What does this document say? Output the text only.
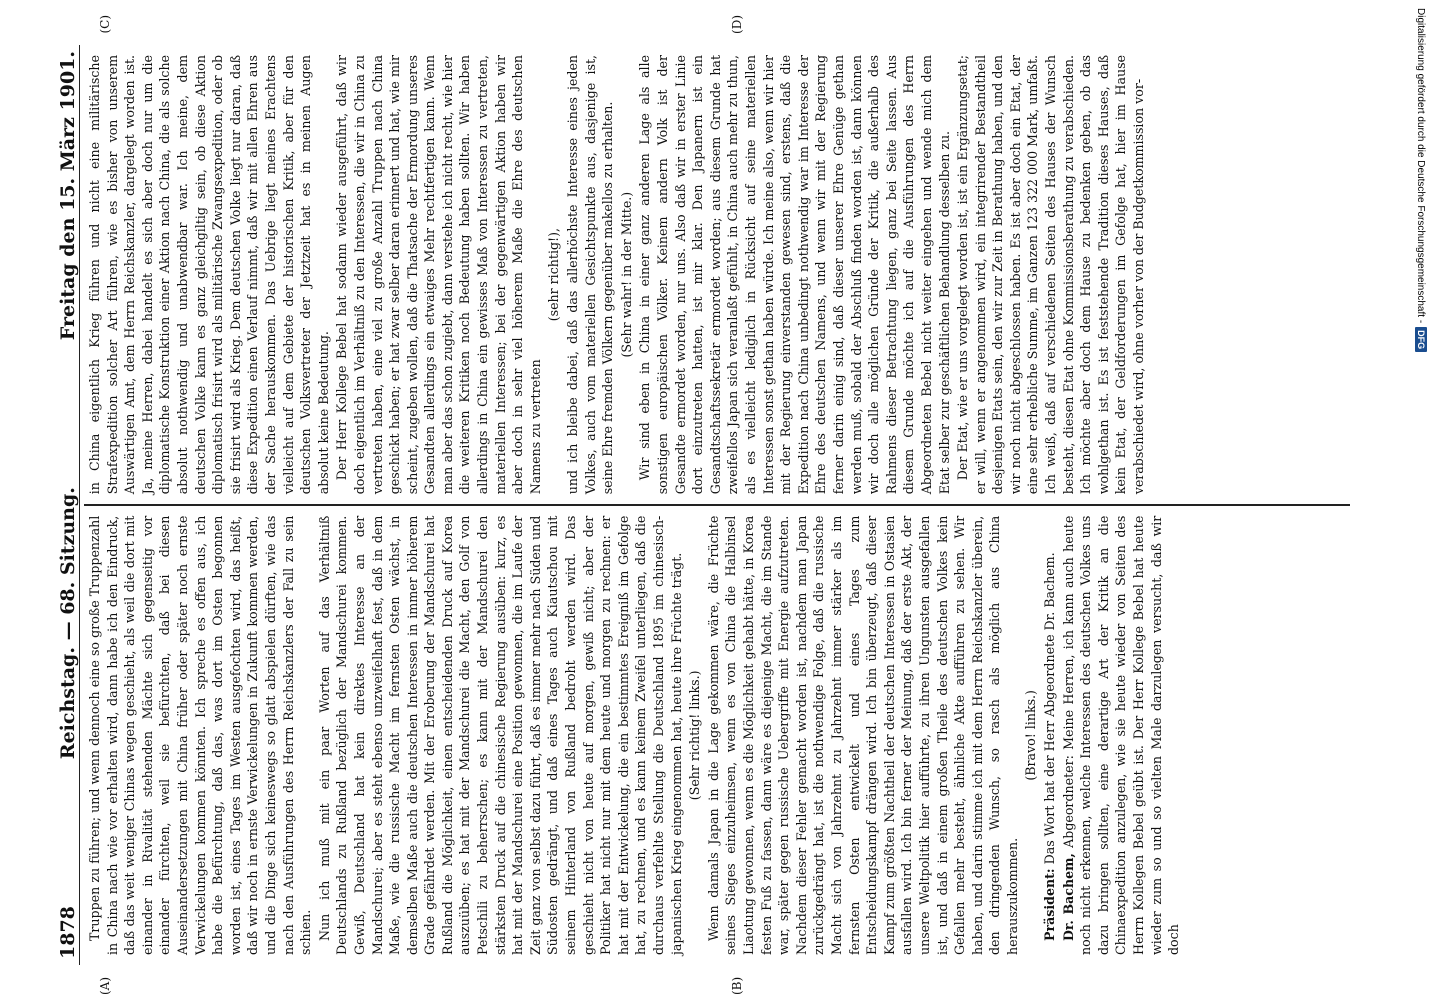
1878
Reichstag. — 68. Sitzung.
Freitag den 15. März 1901.

Truppen zu führen; und wenn dennoch eine so große Truppenzahl in China nach wie vor erhalten wird, dann habe ich den Eindruck, daß das weit weniger Chinas wegen geschieht, als weil die dort mit einander in Rivalität stehenden Mächte sich gegenseitig vor einander fürchten, weil sie befürchten, daß bei diesen Auseinandersetzungen mit China früher oder später noch ernste Verwickelungen kommen könnten. Ich spreche es offen aus, ich habe die Befürchtung, daß das, was dort im Osten begonnen worden ist, eines Tages im Westen ausgefochten wird, das heißt, daß wir noch in ernste Verwickelungen in Zukunft kommen werden, und die Dinge sich keineswegs so glatt abspielen dürften, wie das nach den Ausführungen des Herrn Reichskanzlers der Fall zu sein schien. Nun ich muß mit ein paar Worten auf das Verhältniß Deutschlands zu Rußland bezüglich der Mandschurei kommen. Gewiß, Deutschland hat kein direktes Interesse an der Mandschurei; aber es steht ebenso unzweifelhaft fest, daß in dem Maße, wie die russische Macht im fernsten Osten wächst, in demselben Maße auch die deutschen Interessen in immer höherem Grade gefährdet werden. Mit der Eroberung der Mandschurei hat Rußland die Möglichkeit, einen entscheidenden Druck auf Korea auszuüben; es hat mit der Mandschurei die Macht, den Golf von Petschili zu beherrschen; es kann mit der Mandschurei den stärksten Druck auf die chinesische Regierung ausüben: kurz, es hat mit der Mandschurei eine Position gewonnen, die im Laufe der Zeit ganz von selbst dazu führt, daß es immer mehr nach Süden und Südosten gedrängt, und daß eines Tages auch Kiautschou mit seinem Hinterland von Rußland bedroht werden wird. Das geschieht nicht von heute auf morgen, gewiß nicht; aber der Politiker hat nicht nur mit dem heute und morgen zu rechnen: er hat mit der Entwickelung, die ein bestimmtes Ereigniß im Gefolge hat, zu rechnen, und es kann keinem Zweifel unterliegen, daß die durchaus verfehlte Stellung die Deutschland 1895 im chinesisch-japanischen Krieg eingenommen hat, heute ihre Früchte trägt. (Sehr richtig! links.) Wenn damals Japan in die Lage gekommen wäre, die Früchte seines Sieges einzuheimsen, wenn es von China die Halbinsel Liaotung gewonnen, wenn es die Möglichkeit gehabt hätte, in Korea festen Fuß zu fassen, dann wäre es diejenige Macht, die im Stande war, später gegen russische Uebergriffe mit Energie aufzutreten. Nachdem dieser Fehler gemacht worden ist, nachdem man Japan zurückgedrängt hat, ist die nothwendige Folge, daß die russische Macht sich von Jahrzehnt zu Jahrzehnt immer stärker als im fernsten Osten entwickelt und eines Tages zum Entscheidungskampf drängen wird. Ich bin überzeugt, daß dieser Kampf zum größten Nachtheil der deutschen Interessen in Ostasien ausfallen wird. Ich bin ferner der Meinung, daß der erste Akt, der unsere Weltpolitik hier aufführte, zu ihren Ungunsten ausgefallen ist, und daß in einem großen Theile des deutschen Volkes kein Gefallen mehr besteht, ähnliche Akte aufführen zu sehen. Wir haben, und darin stimme ich mit dem Herrn Reichskanzler überein, den dringenden Wunsch, so rasch als möglich aus China herauszukommen.

(Bravo! links.)

Präsident: Das Wort hat der Herr Abgeordnete Dr. Bachem.

Dr. Bachem, Abgeordneter: Meine Herren, ich kann auch heute noch nicht erkennen, welche Interessen des deutschen Volkes uns dazu bringen sollten, eine derartige Art der Kritik an die Chinaexpedition anzulegen, wie sie heute wieder von Seiten des Herrn Kollegen Bebel geübt ist. Der Herr Kollege Bebel hat heute wieder zum so und so vielten Male darzulegen versucht, daß wir doch

in China eigentlich Krieg führen und nicht eine militärische Strafexpedition solcher Art führen, wie es bisher von unserem Auswärtigen Amt, dem Herrn Reichskanzler, dargelegt worden ist. Ja, meine Herren, dabei handelt es sich aber doch nur um die diplomatische Konstruktion einer Aktion nach China, die als solche absolut nothwendig und unabwendbar war. Ich meine, dem deutschen Volke kann es ganz gleichgiltig sein, ob diese Aktion diplomatisch frisirt wird als militärische Zwangsexpedition, oder ob sie frisirt wird als Krieg. Dem deutschen Volke liegt nur daran, daß diese Expedition einen Verlauf nimmt, daß wir mit allen Ehren aus der Sache herauskommen. Das Uebrige liegt meines Erachtens vielleicht auf dem Gebiete der historischen Kritik, aber für den deutschen Volksvertreter der Jetztzeit hat es in meinen Augen absolut keine Bedeutung. Der Herr Kollege Bebel hat sodann wieder ausgeführt, daß wir doch eigentlich im Verhältniß zu den Interessen, die wir in China zu vertreten haben, eine viel zu große Anzahl Truppen nach China geschickt haben; er hat zwar selber daran erinnert und hat, wie mir scheint, zugeben wollen, daß die Thatsache der Ermordung unseres Gesandten allerdings ein etwaiges Mehr rechtfertigen kann. Wenn man aber das schon zugiebt, dann verstehe ich nicht recht, wie hier die weiteren Kritiken noch Bedeutung haben sollten. Wir haben allerdings in China ein gewisses Maß von Interessen zu vertreten, materiellen Interessen; bei der gegenwärtigen Aktion haben wir aber doch in sehr viel höherem Maße die Ehre des deutschen Namens zu vertreten

(sehr richtig!), und ich bleibe dabei, daß das allerhöchste Interesse eines jeden Volkes, auch vom materiellen Gesichtspunkte aus, dasjenige ist, seine Ehre fremden Völkern gegenüber makellos zu erhalten. (Sehr wahr! in der Mitte.) Wir sind eben in China in einer ganz anderen Lage als alle sonstigen europäischen Völker. Keinem andern Volk ist der Gesandte ermordet worden, nur uns. Also daß wir in erster Linie dort einzutreten hatten, ist mir klar. Den Japanern ist ein Gesandtschaftssekretär ermordet worden; aus diesem Grunde hat zweifellos Japan sich veranlaßt gefühlt, in China auch mehr zu thun, als es vielleicht lediglich in Rücksicht auf seine materiellen Interessen sonst gethan haben würde. Ich meine also, wenn wir hier mit der Regierung einverstanden gewesen sind, erstens, daß die Expedition nach China unbedingt nothwendig war im Interesse der Ehre des deutschen Namens, und wenn wir mit der Regierung ferner darin einig sind, daß dieser unserer Ehre Genüge gethan werden muß, sobald der Abschluß finden worden ist, dann können wir doch alle möglichen Gründe der Kritik, die außerhalb des Rahmens dieser Betrachtung liegen, ganz bei Seite lassen. Aus diesem Grunde möchte ich auf die Ausführungen des Herrn Abgeordneten Bebel nicht weiter eingehen und wende mich dem Etat selber zur geschäftlichen Behandlung desselben zu. Der Etat, wie er uns vorgelegt worden ist, ist ein Ergänzungsetat; er will, wenn er angenommen wird, ein integrirender Bestandtheil desjenigen Etats sein, den wir zur Zeit in Berathung haben, und den wir noch nicht abgeschlossen haben. Es ist aber doch ein Etat, der eine sehr erhebliche Summe, im Ganzen 123 322 000 Mark, umfaßt. Ich weiß, daß auf verschiedenen Seiten des Hauses der Wunsch besteht, diesen Etat ohne Kommissionsberathung zu verabschieden. Ich möchte aber doch dem Hause zu bedenken geben, ob das wohlgethan ist. Es ist feststehende Tradition dieses Hauses, daß kein Etat, der Geldforderungen im Gefolge hat, hier im Hause verabschiedet wird, ohne vorher von der Budgetkommission vor-

(A)	(B)
(C)	(D)	Digitalisierung gefördert durch die Deutsche Forschungsgemeinschaft -
DFG
